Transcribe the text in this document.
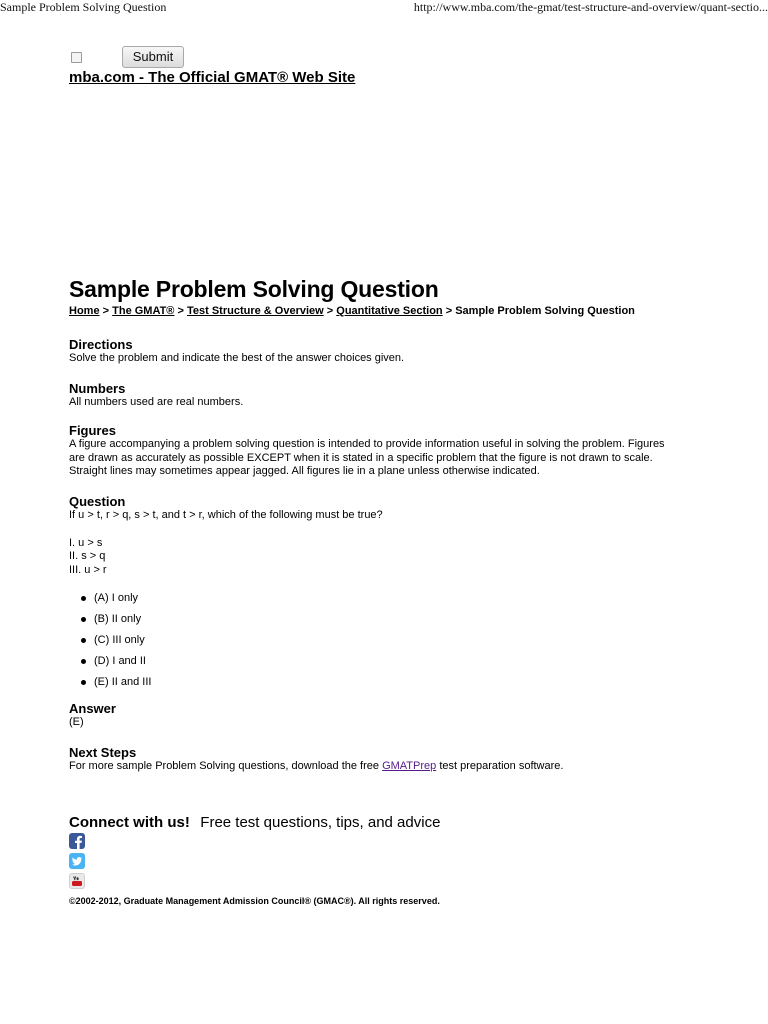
Sample Problem Solving Question	http://www.mba.com/the-gmat/test-structure-and-overview/quant-sectio...
Submit
mba.com - The Official GMAT® Web Site
Sample Problem Solving Question
Home > The GMAT® > Test Structure & Overview > Quantitative Section > Sample Problem Solving Question
Directions

Solve the problem and indicate the best of the answer choices given.

Numbers

All numbers used are real numbers.

Figures

A figure accompanying a problem solving question is intended to provide information useful in solving the problem. Figures

are drawn as accurately as possible EXCEPT when it is stated in a specific problem that the figure is not drawn to scale.

Straight lines may sometimes appear jagged. All figures lie in a plane unless otherwise indicated.

Question

If u > t, r > q, s > t, and t > r, which of the following must be true?

I. u > s

II. s > q

III. u > r

(A) I only
(B) II only
(C) III only
(D) I and II
(E) II and III
Answer

(E)

Next Steps

For more sample Problem Solving questions, download the free GMATPrep test preparation software.

Connect with us! Free test questions, tips, and advice
©2002-2012, Graduate Management Admission Council® (GMAC®). All rights reserved.
